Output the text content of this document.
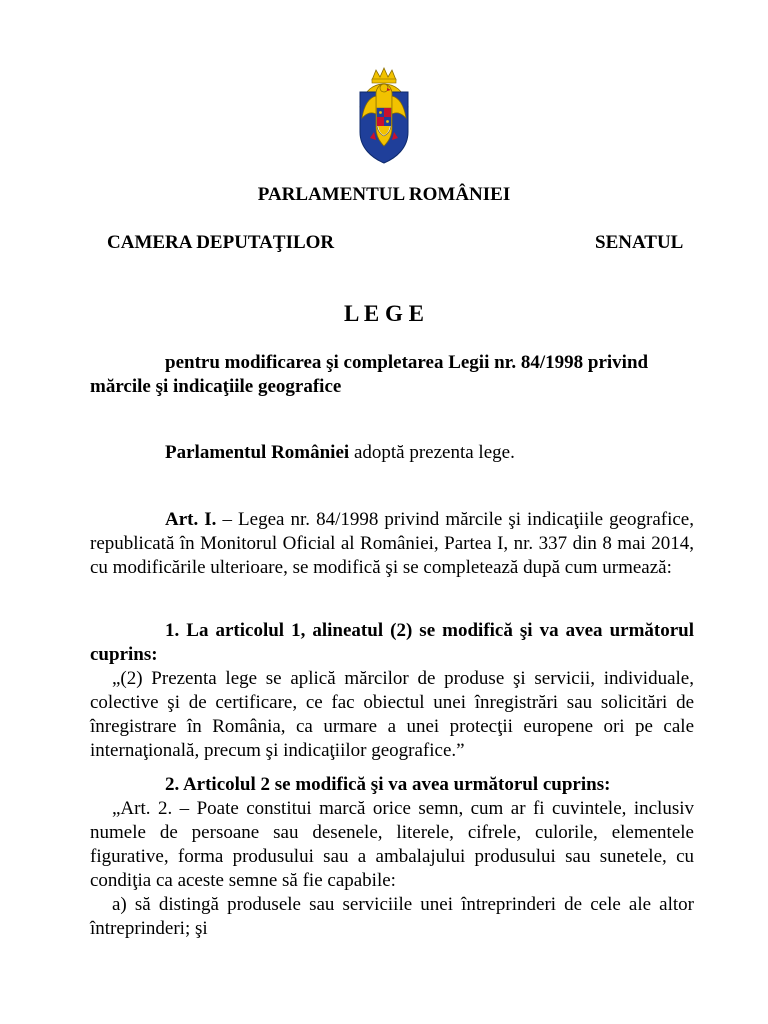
PARLAMENTUL ROMÂNIEI
CAMERA DEPUTAŢILOR	SENATUL
L E G E
pentru modificarea şi completarea Legii nr. 84/1998 privind
mărcile şi indicaţiile geografice
Parlamentul României adoptă prezenta lege.

Art. I. – Legea nr. 84/1998 privind mărcile şi indicaţiile geografice, republicată în Monitorul Oficial al României, Partea I, nr. 337 din 8 mai 2014, cu modificările ulterioare, se modifică şi se completează după cum urmează:

1. La articolul 1, alineatul (2) se modifică şi va avea următorul cuprins:

„(2) Prezenta lege se aplică mărcilor de produse şi servicii, individuale, colective şi de certificare, ce fac obiectul unei înregistrări sau solicitări de înregistrare în România, ca urmare a unei protecţii europene ori pe cale internaţională, precum şi indicaţiilor geografice.”

2. Articolul 2 se modifică şi va avea următorul cuprins:

„Art. 2. – Poate constitui marcă orice semn, cum ar fi cuvintele, inclusiv numele de persoane sau desenele, literele, cifrele, culorile, elementele figurative, forma produsului sau a ambalajului produsului sau sunetele, cu condiţia ca aceste semne să fie capabile:

a) să distingă produsele sau serviciile unei întreprinderi de cele ale altor întreprinderi; şi
